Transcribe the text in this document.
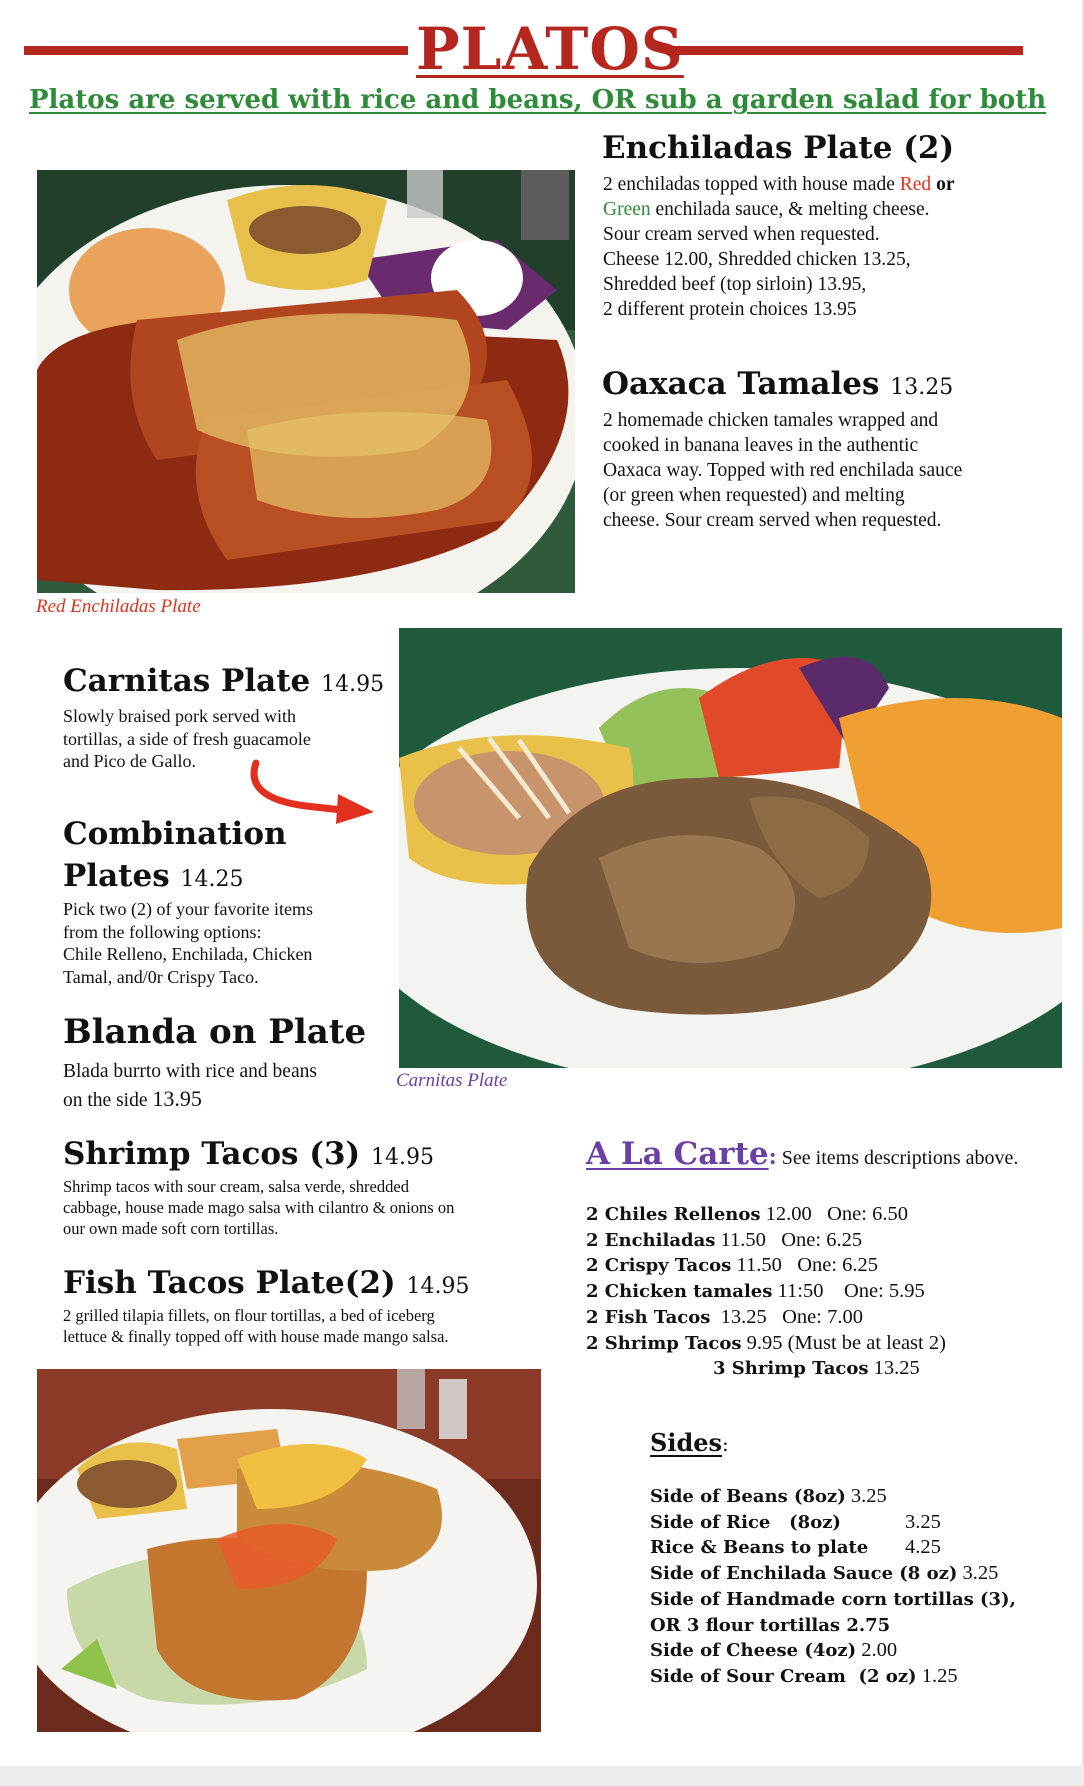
PLATOS
Platos are served with rice and beans, OR sub a garden salad for both
Red Enchiladas Plate
Enchiladas Plate (2)
2 enchiladas topped with house made Red or
Green enchilada sauce, & melting cheese.
Sour cream served when requested.
Cheese 12.00, Shredded chicken 13.25,
Shredded beef (top sirloin) 13.95,
2 different protein choices 13.95
Oaxaca Tamales 13.25
2 homemade chicken tamales wrapped and
cooked in banana leaves in the authentic
Oaxaca way. Topped with red enchilada sauce
(or green when requested) and melting
cheese. Sour cream served when requested.
Carnitas Plate
Carnitas Plate 14.95
Slowly braised pork served with
tortillas, a side of fresh guacamole
and Pico de Gallo.
Combination
Plates 14.25
Pick two (2) of your favorite items
from the following options:
Chile Relleno, Enchilada, Chicken
Tamal, and/0r Crispy Taco.
Blanda on Plate
Blada burrto with rice and beans
on the side 13.95
Shrimp Tacos (3) 14.95
Shrimp tacos with sour cream, salsa verde, shredded
cabbage, house made mago salsa with cilantro & onions on
our own made soft corn tortillas.
Fish Tacos Plate(2) 14.95
2 grilled tilapia fillets, on flour tortillas, a bed of iceberg
lettuce & finally topped off with house made mango salsa.
A La Carte: See items descriptions above.
2 Chiles Rellenos 12.00   One: 6.50
2 Enchiladas 11.50   One: 6.25
2 Crispy Tacos 11.50   One: 6.25
2 Chicken tamales 11:50    One: 5.95
2 Fish Tacos  13.25   One: 7.00
2 Shrimp Tacos 9.95 (Must be at least 2)
3 Shrimp Tacos 13.25
Sides:
Side of Beans (8oz) 3.25
Side of Rice   (8oz)	3.25
Rice & Beans to plate 4.25
Side of Enchilada Sauce (8 oz) 3.25
Side of Handmade corn tortillas (3),
OR 3 flour tortillas 2.75
Side of Cheese (4oz) 2.00
Side of Sour Cream  (2 oz) 1.25
